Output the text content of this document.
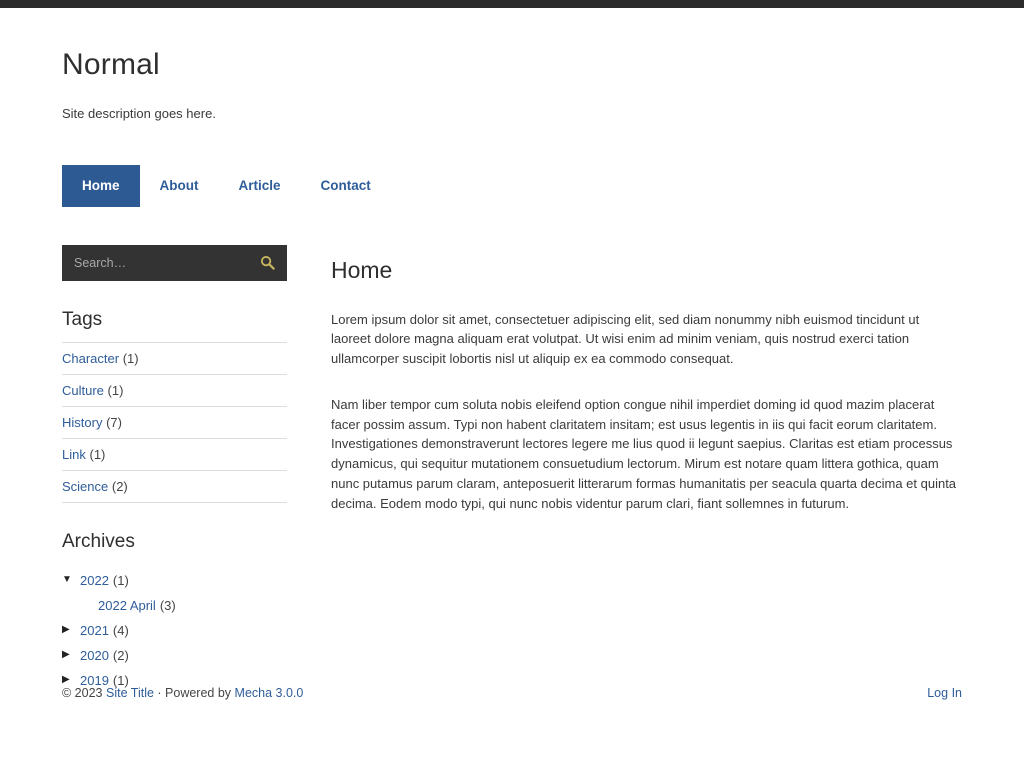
Normal

Site description goes here.

Home	About	Article	Contact
Search…
Tags
Character (1)
Culture (1)
History (7)
Link (1)
Science (2)
Archives
▼ 2022 (1)
2022 April (3)
▶ 2021 (4)
▶ 2020 (2)
▶ 2019 (1)
Home

Lorem ipsum dolor sit amet, consectetuer adipiscing elit, sed diam nonummy nibh euismod tincidunt ut laoreet dolore magna aliquam erat volutpat. Ut wisi enim ad minim veniam, quis nostrud exerci tation ullamcorper suscipit lobortis nisl ut aliquip ex ea commodo consequat.

Nam liber tempor cum soluta nobis eleifend option congue nihil imperdiet doming id quod mazim placerat facer possim assum. Typi non habent claritatem insitam; est usus legentis in iis qui facit eorum claritatem. Investigationes demonstraverunt lectores legere me lius quod ii legunt saepius. Claritas est etiam processus dynamicus, qui sequitur mutationem consuetudium lectorum. Mirum est notare quam littera gothica, quam nunc putamus parum claram, anteposuerit litterarum formas humanitatis per seacula quarta decima et quinta decima. Eodem modo typi, qui nunc nobis videntur parum clari, fiant sollemnes in futurum.

© 2023 Site Title · Powered by Mecha 3.0.0	Log In
